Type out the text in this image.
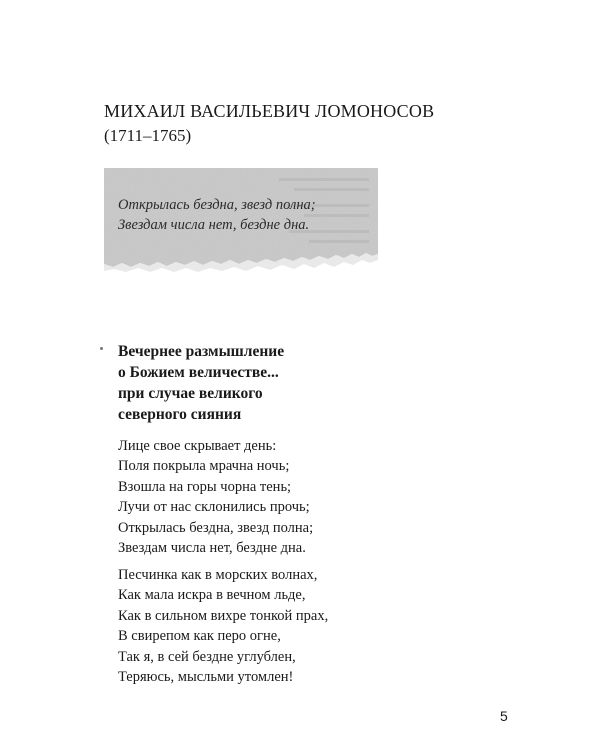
МИХАИЛ ВАСИЛЬЕВИЧ ЛОМОНОСОВ
(1711–1765)
Открылась бездна, звезд полна;
Звездам числа нет, бездне дна.
Вечернее размышление
о Божием величестве...
при случае великого
северного сияния
Лице свое скрывает день:
Поля покрыла мрачна ночь;
Взошла на горы чорна тень;
Лучи от нас склонились прочь;
Открылась бездна, звезд полна;
Звездам числа нет, бездне дна.
Песчинка как в морских волнах,
Как мала искра в вечном льде,
Как в сильном вихре тонкой прах,
В свирепом как перо огне,
Так я, в сей бездне углублен,
Теряюсь, мысльми утомлен!
5
